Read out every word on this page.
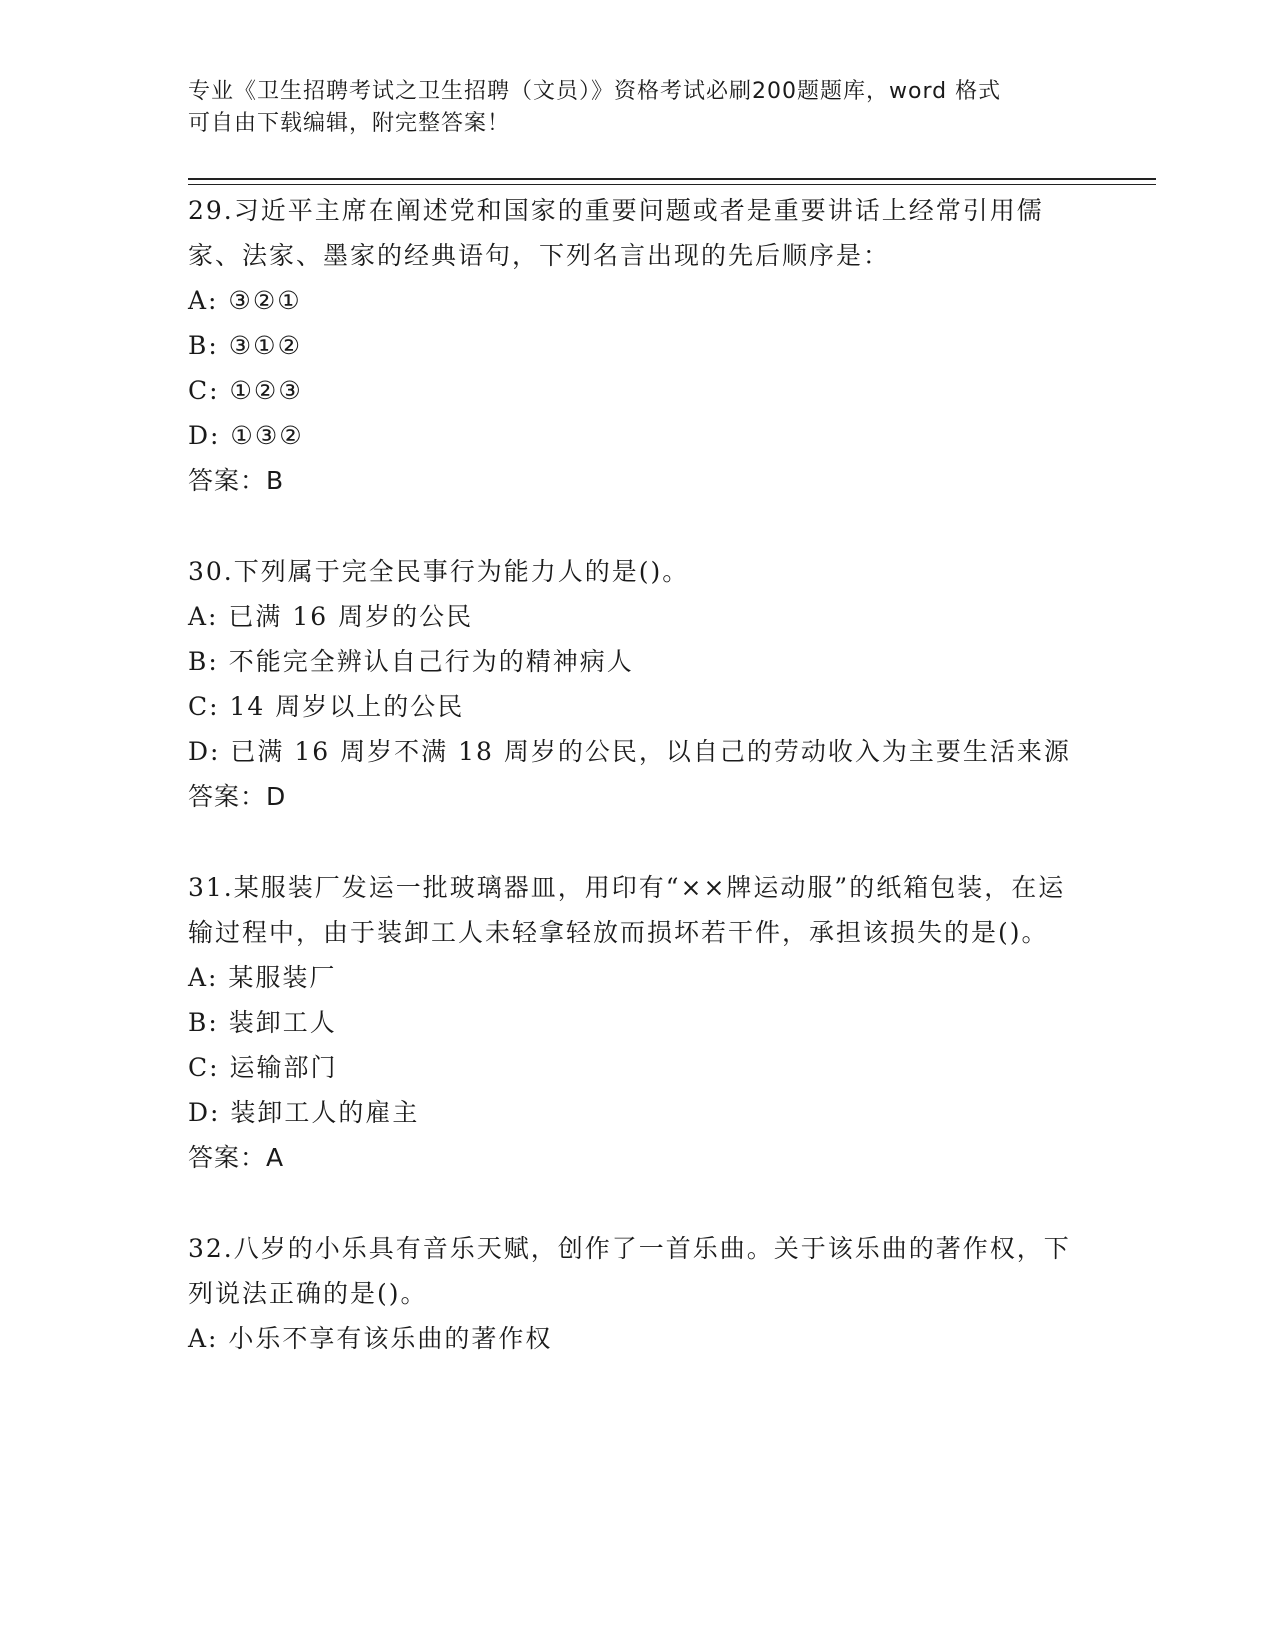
专业《卫生招聘考试之卫生招聘（文员）》资格考试必刷200题题库，word 格式
可自由下载编辑，附完整答案！

29.习近平主席在阐述党和国家的重要问题或者是重要讲话上经常引用儒家、法家、墨家的经典语句，下列名言出现的先后顺序是：

A: ③②①

B: ③①②

C: ①②③

D: ①③②

答案：B

30.下列属于完全民事行为能力人的是()。

A: 已满 16 周岁的公民

B: 不能完全辨认自己行为的精神病人

C: 14 周岁以上的公民

D: 已满 16 周岁不满 18 周岁的公民，以自己的劳动收入为主要生活来源

答案：D

31.某服装厂发运一批玻璃器皿，用印有“××牌运动服”的纸箱包装，在运输过程中，由于装卸工人未轻拿轻放而损坏若干件，承担该损失的是()。

A: 某服装厂

B: 装卸工人

C: 运输部门

D: 装卸工人的雇主

答案：A

32.八岁的小乐具有音乐天赋，创作了一首乐曲。关于该乐曲的著作权，下列说法正确的是()。

A: 小乐不享有该乐曲的著作权
